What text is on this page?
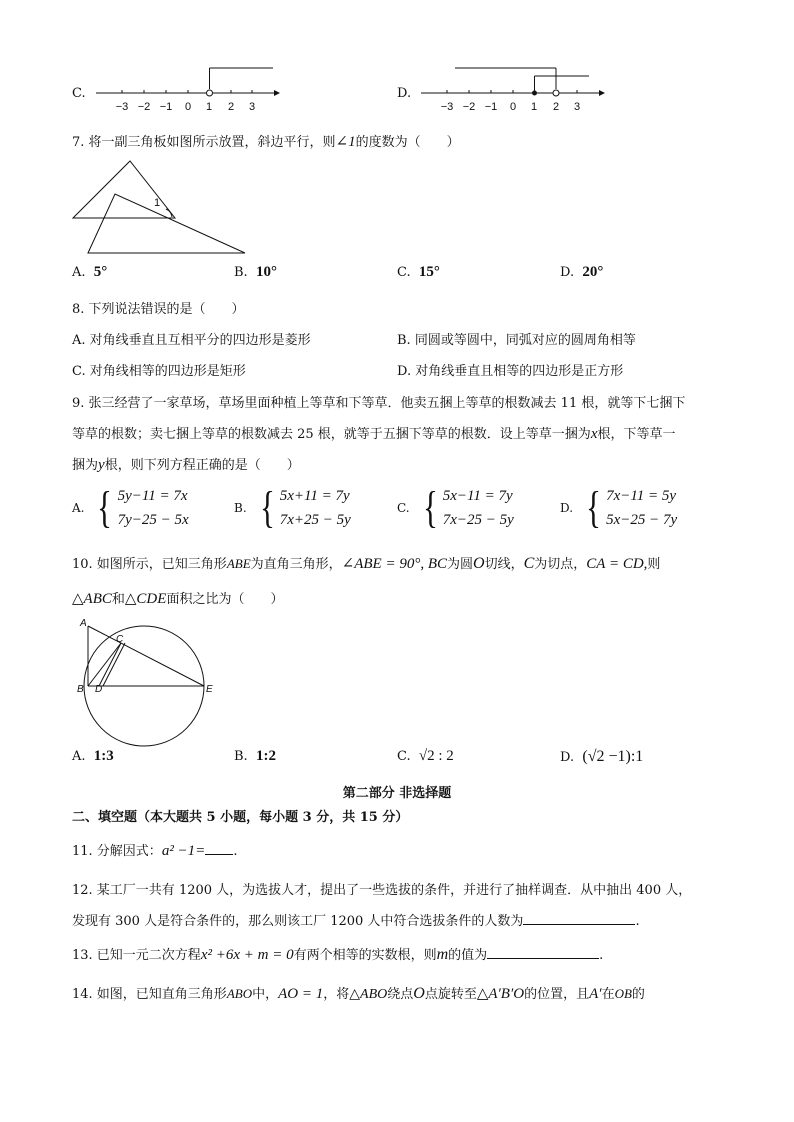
C.
−3 −2 −1 0 1 2 3
D.
−3 −2 −1 0 1 2 3
7. 将一副三角板如图所示放置，斜边平行，则∠1的度数为（　　）
1
A. 5°	B. 10°	C. 15°	D. 20°
8. 下列说法错误的是（　　）
A. 对角线垂直且互相平分的四边形是菱形	B. 同圆或等圆中，同弧对应的圆周角相等
C. 对角线相等的四边形是矩形	D. 对角线垂直且相等的四边形是正方形
9. 张三经营了一家草场，草场里面种植上等草和下等草．他卖五捆上等草的根数减去 11 根，就等下七捆下
等草的根数；卖七捆上等草的根数减去 25 根，就等于五捆下等草的根数．设上等草一捆为x根，下等草一
捆为y根，则下列方程正确的是（　　）
A. { 5y−11 = 7x
7y−25 − 5x
B. { 5x+11 = 7y
7x+25 − 5y
C. { 5x−11 = 7y
7x−25 − 5y
D. { 7x−11 = 5y
5x−25 − 7y
10. 如图所示，已知三角形ABE为直角三角形，∠ABE = 90°, BC为圆O切线，C为切点，CA = CD,则
△ABC和△CDE面积之比为（　　）
A
B
C
D	E
A. 1:3	B. 1:2	C. √2 : 2	D. (√2 −1):1
第二部分 非选择题
二、填空题（本大题共 5 小题，每小题 3 分，共 15 分）
11. 分解因式：a² −1= .
12. 某工厂一共有 1200 人，为选拔人才，提出了一些选拔的条件，并进行了抽样调查．从中抽出 400 人，
发现有 300 人是符合条件的，那么则该工厂 1200 人中符合选拔条件的人数为	.
13. 已知一元二次方程x² +6x + m = 0有两个相等的实数根，则m的值为	.
14. 如图，已知直角三角形ABO中，AO = 1，将△ABO绕点O点旋转至△A′B′O的位置，且A′在OB的
